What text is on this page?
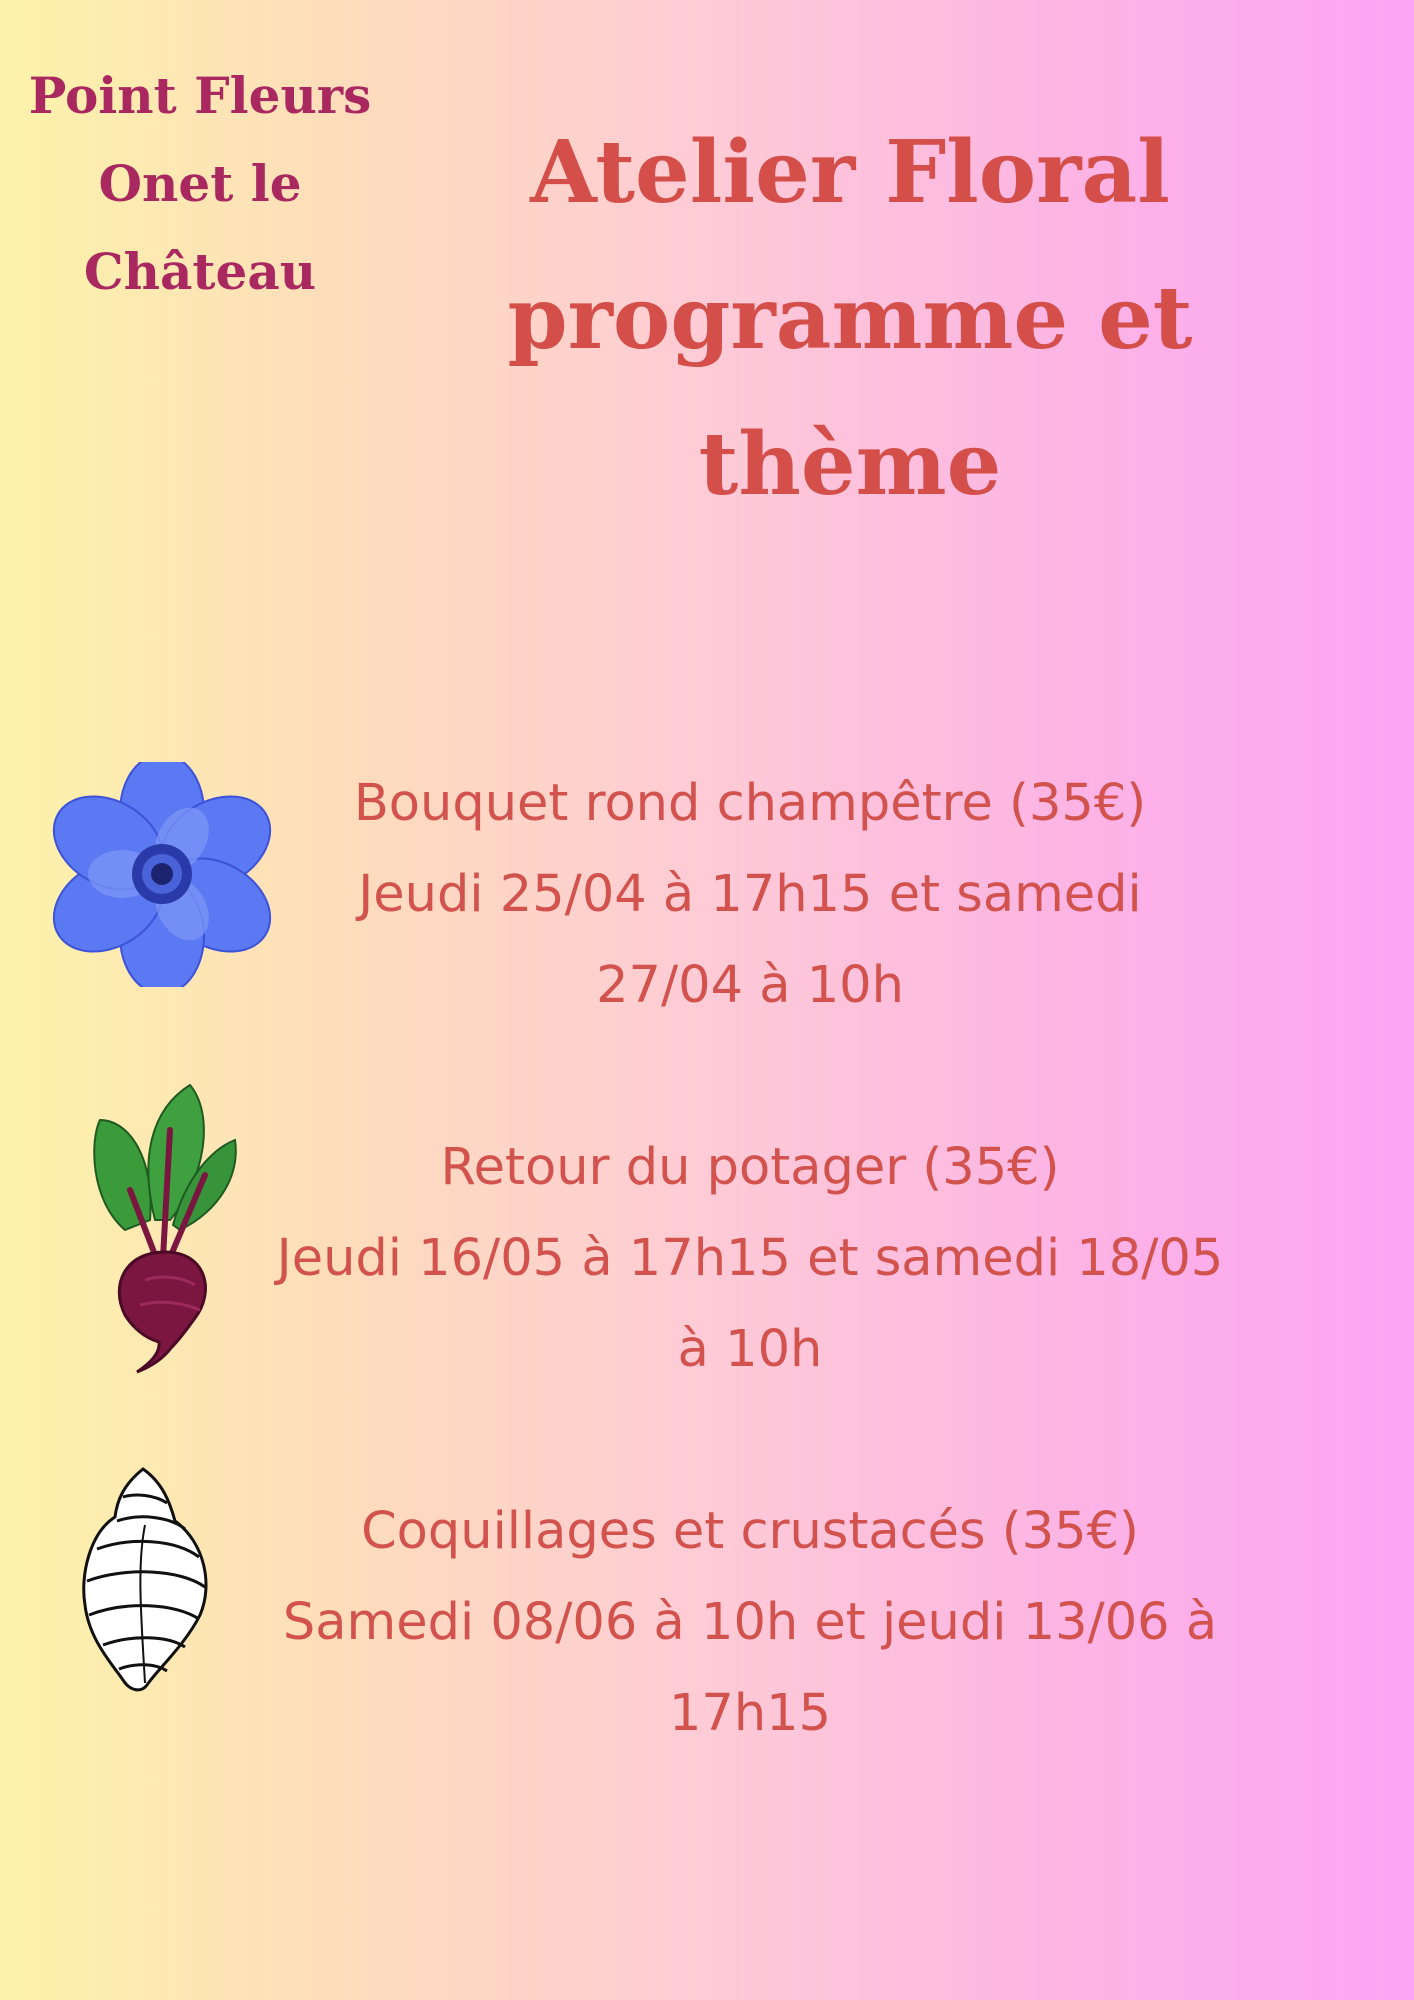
Point Fleurs
Onet le
Château
Atelier Floral
programme et
thème
Bouquet rond champêtre (35€)
Jeudi 25/04 à 17h15 et samedi
27/04 à 10h
Retour du potager (35€)
Jeudi 16/05 à 17h15 et samedi 18/05
à 10h
Coquillages et crustacés (35€)
Samedi 08/06 à 10h et jeudi 13/06 à
17h15
